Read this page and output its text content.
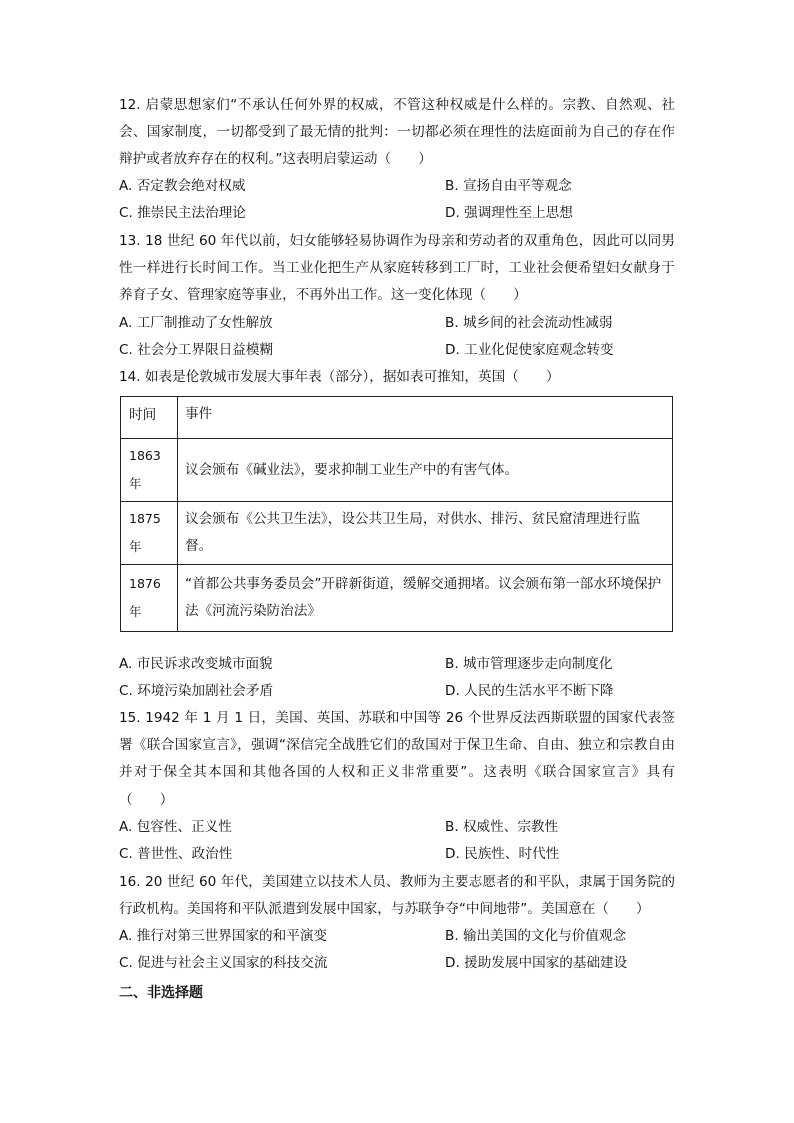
12. 启蒙思想家们“不承认任何外界的权威，不管这种权威是什么样的。宗教、自然观、社会、国家制度，一切都受到了最无情的批判：一切都必须在理性的法庭面前为自己的存在作辩护或者放弃存在的权利。”这表明启蒙运动（　　）

A. 否定教会绝对权威	B. 宣扬自由平等观念
C. 推崇民主法治理论	D. 强调理性至上思想

13. 18 世纪 60 年代以前，妇女能够轻易协调作为母亲和劳动者的双重角色，因此可以同男性一样进行长时间工作。当工业化把生产从家庭转移到工厂时，工业社会便希望妇女献身于养育子女、管理家庭等事业，不再外出工作。这一变化体现（　　）

A. 工厂制推动了女性解放	B. 城乡间的社会流动性减弱
C. 社会分工界限日益模糊	D. 工业化促使家庭观念转变

14. 如表是伦敦城市发展大事年表（部分），据如表可推知，英国（　　）

时间	事件
1863 年	议会颁布《碱业法》，要求抑制工业生产中的有害气体。
1875 年	议会颁布《公共卫生法》，设公共卫生局，对供水、排污、贫民窟清理进行监督。
1876 年	“首都公共事务委员会”开辟新街道，缓解交通拥堵。议会颁布第一部水环境保护法《河流污染防治法》
A. 市民诉求改变城市面貌	B. 城市管理逐步走向制度化
C. 环境污染加剧社会矛盾	D. 人民的生活水平不断下降

15. 1942 年 1 月 1 日，美国、英国、苏联和中国等 26 个世界反法西斯联盟的国家代表签署《联合国家宣言》，强调“深信完全战胜它们的敌国对于保卫生命、自由、独立和宗教自由并对于保全其本国和其他各国的人权和正义非常重要”。这表明《联合国家宣言》具有（　　）

A. 包容性、正义性	B. 权威性、宗教性
C. 普世性、政治性	D. 民族性、时代性

16. 20 世纪 60 年代，美国建立以技术人员、教师为主要志愿者的和平队，隶属于国务院的行政机构。美国将和平队派遣到发展中国家，与苏联争夺“中间地带”。美国意在（　　）

A. 推行对第三世界国家的和平演变	B. 输出美国的文化与价值观念
C. 促进与社会主义国家的科技交流	D. 援助发展中国家的基础建设
二、非选择题
